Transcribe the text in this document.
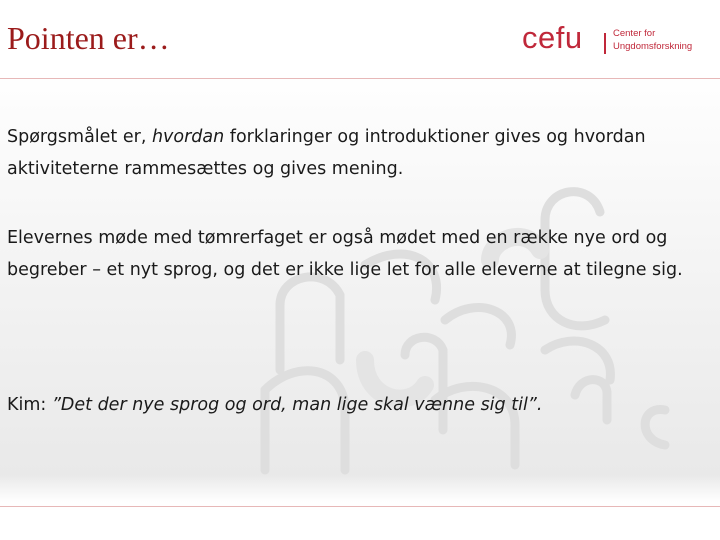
Pointen er…	cefu	Center for
Ungdomsforskning
Spørgsmålet er, hvordan forklaringer og introduktioner gives og hvordan aktiviteterne rammesættes og gives mening.
Elevernes møde med tømrerfaget er også mødet med en række nye ord og begreber – et nyt sprog, og det er ikke lige let for alle eleverne at tilegne sig.
Kim: ”Det der nye sprog og ord, man lige skal vænne sig til”.
